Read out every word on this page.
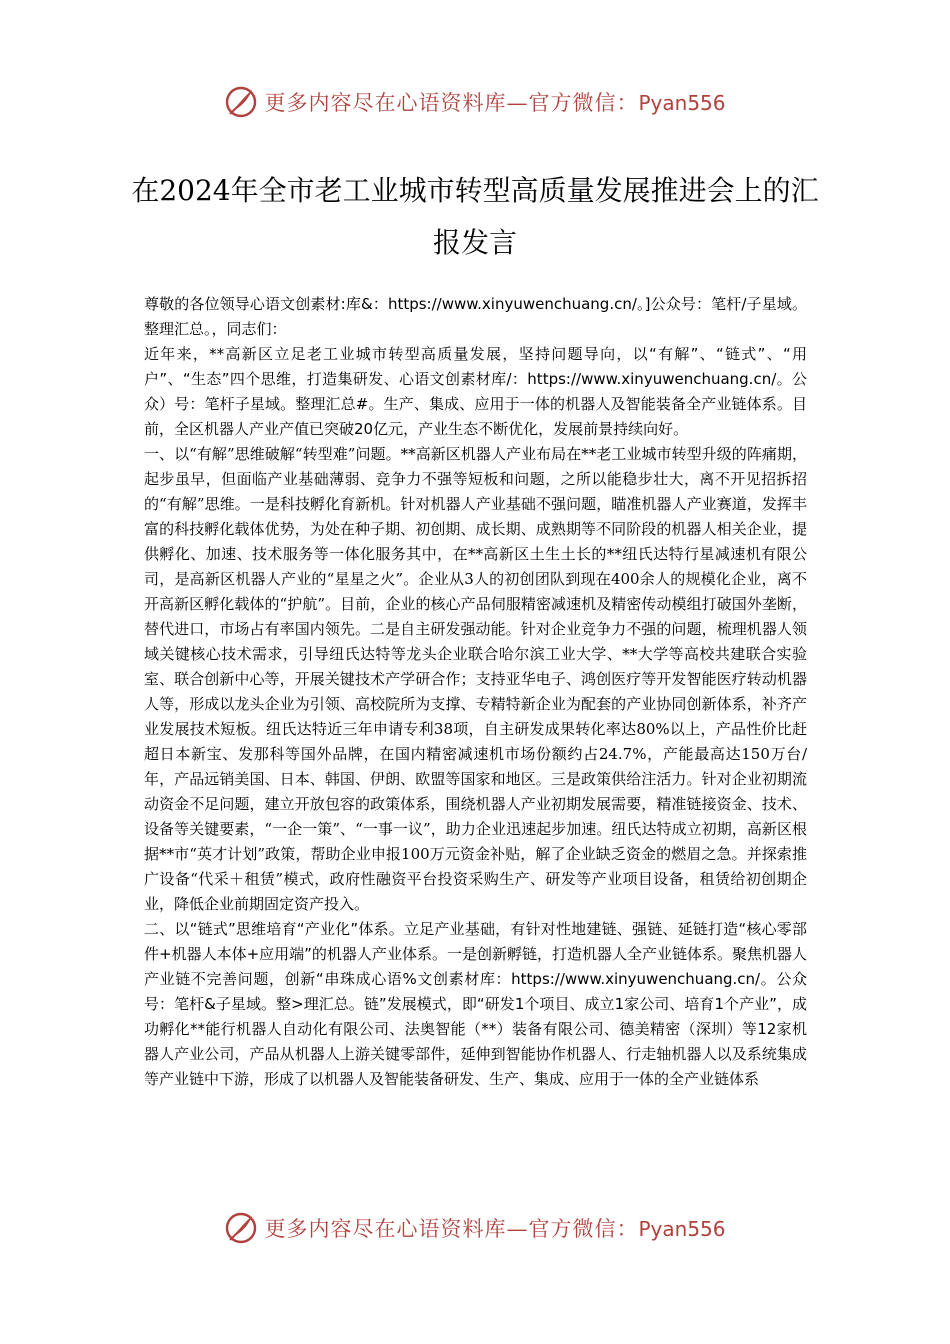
更多内容尽在心语资料库—官方微信：Pyan556
在2024年全市老工业城市转型高质量发展推进会上的汇报发言

尊敬的各位领导心语文创素材:库&：https://www.xinyuwenchuang.cn/。]公众号：笔杆/子星域。整理汇总。，同志们：

近年来，**高新区立足老工业城市转型高质量发展，坚持问题导向，以“有解”、“链式”、“用户”、“生态”四个思维，打造集研发、心语文创素材库/：https://www.xinyuwenchuang.cn/。公众）号：笔杆子星域。整理汇总#。生产、集成、应用于一体的机器人及智能装备全产业链体系。目前，全区机器人产业产值已突破20亿元，产业生态不断优化，发展前景持续向好。

一、以“有解”思维破解“转型难”问题。**高新区机器人产业布局在**老工业城市转型升级的阵痛期，起步虽早，但面临产业基础薄弱、竞争力不强等短板和问题，之所以能稳步壮大，离不开见招拆招的“有解”思维。一是科技孵化育新机。针对机器人产业基础不强问题，瞄准机器人产业赛道，发挥丰富的科技孵化载体优势，为处在种子期、初创期、成长期、成熟期等不同阶段的机器人相关企业，提供孵化、加速、技术服务等一体化服务其中，在**高新区土生土长的**纽氏达特行星减速机有限公司，是高新区机器人产业的“星星之火”。企业从3人的初创团队到现在400余人的规模化企业，离不开高新区孵化载体的“护航”。目前，企业的核心产品伺服精密减速机及精密传动模组打破国外垄断，替代进口，市场占有率国内领先。二是自主研发强动能。针对企业竞争力不强的问题，梳理机器人领域关键核心技术需求，引导纽氏达特等龙头企业联合哈尔滨工业大学、**大学等高校共建联合实验室、联合创新中心等，开展关键技术产学研合作；支持亚华电子、鸿创医疗等开发智能医疗转动机器人等，形成以龙头企业为引领、高校院所为支撑、专精特新企业为配套的产业协同创新体系，补齐产业发展技术短板。纽氏达特近三年申请专利38项，自主研发成果转化率达80%以上，产品性价比赶超日本新宝、发那科等国外品牌，在国内精密减速机市场份额约占24.7%，产能最高达150万台/年，产品远销美国、日本、韩国、伊朗、欧盟等国家和地区。三是政策供给注活力。针对企业初期流动资金不足问题，建立开放包容的政策体系，围绕机器人产业初期发展需要，精准链接资金、技术、设备等关键要素，“一企一策”、“一事一议”，助力企业迅速起步加速。纽氏达特成立初期，高新区根据**市“英才计划”政策，帮助企业申报100万元资金补贴，解了企业缺乏资金的燃眉之急。并探索推广设备“代采＋租赁”模式，政府性融资平台投资采购生产、研发等产业项目设备，租赁给初创期企业，降低企业前期固定资产投入。

二、以“链式”思维培育“产业化”体系。立足产业基础，有针对性地建链、强链、延链打造“核心零部件+机器人本体+应用端”的机器人产业体系。一是创新孵链，打造机器人全产业链体系。聚焦机器人产业链不完善问题，创新“串珠成心语%文创素材库：https://www.xinyuwenchuang.cn/。公众号：笔杆&子星域。整>理汇总。链”发展模式，即“研发1个项目、成立1家公司、培育1个产业”，成功孵化**能行机器人自动化有限公司、法奥智能（**）装备有限公司、德美精密（深圳）等12家机器人产业公司，产品从机器人上游关键零部件，延伸到智能协作机器人、行走轴机器人以及系统集成等产业链中下游，形成了以机器人及智能装备研发、生产、集成、应用于一体的全产业链体系

更多内容尽在心语资料库—官方微信：Pyan556
